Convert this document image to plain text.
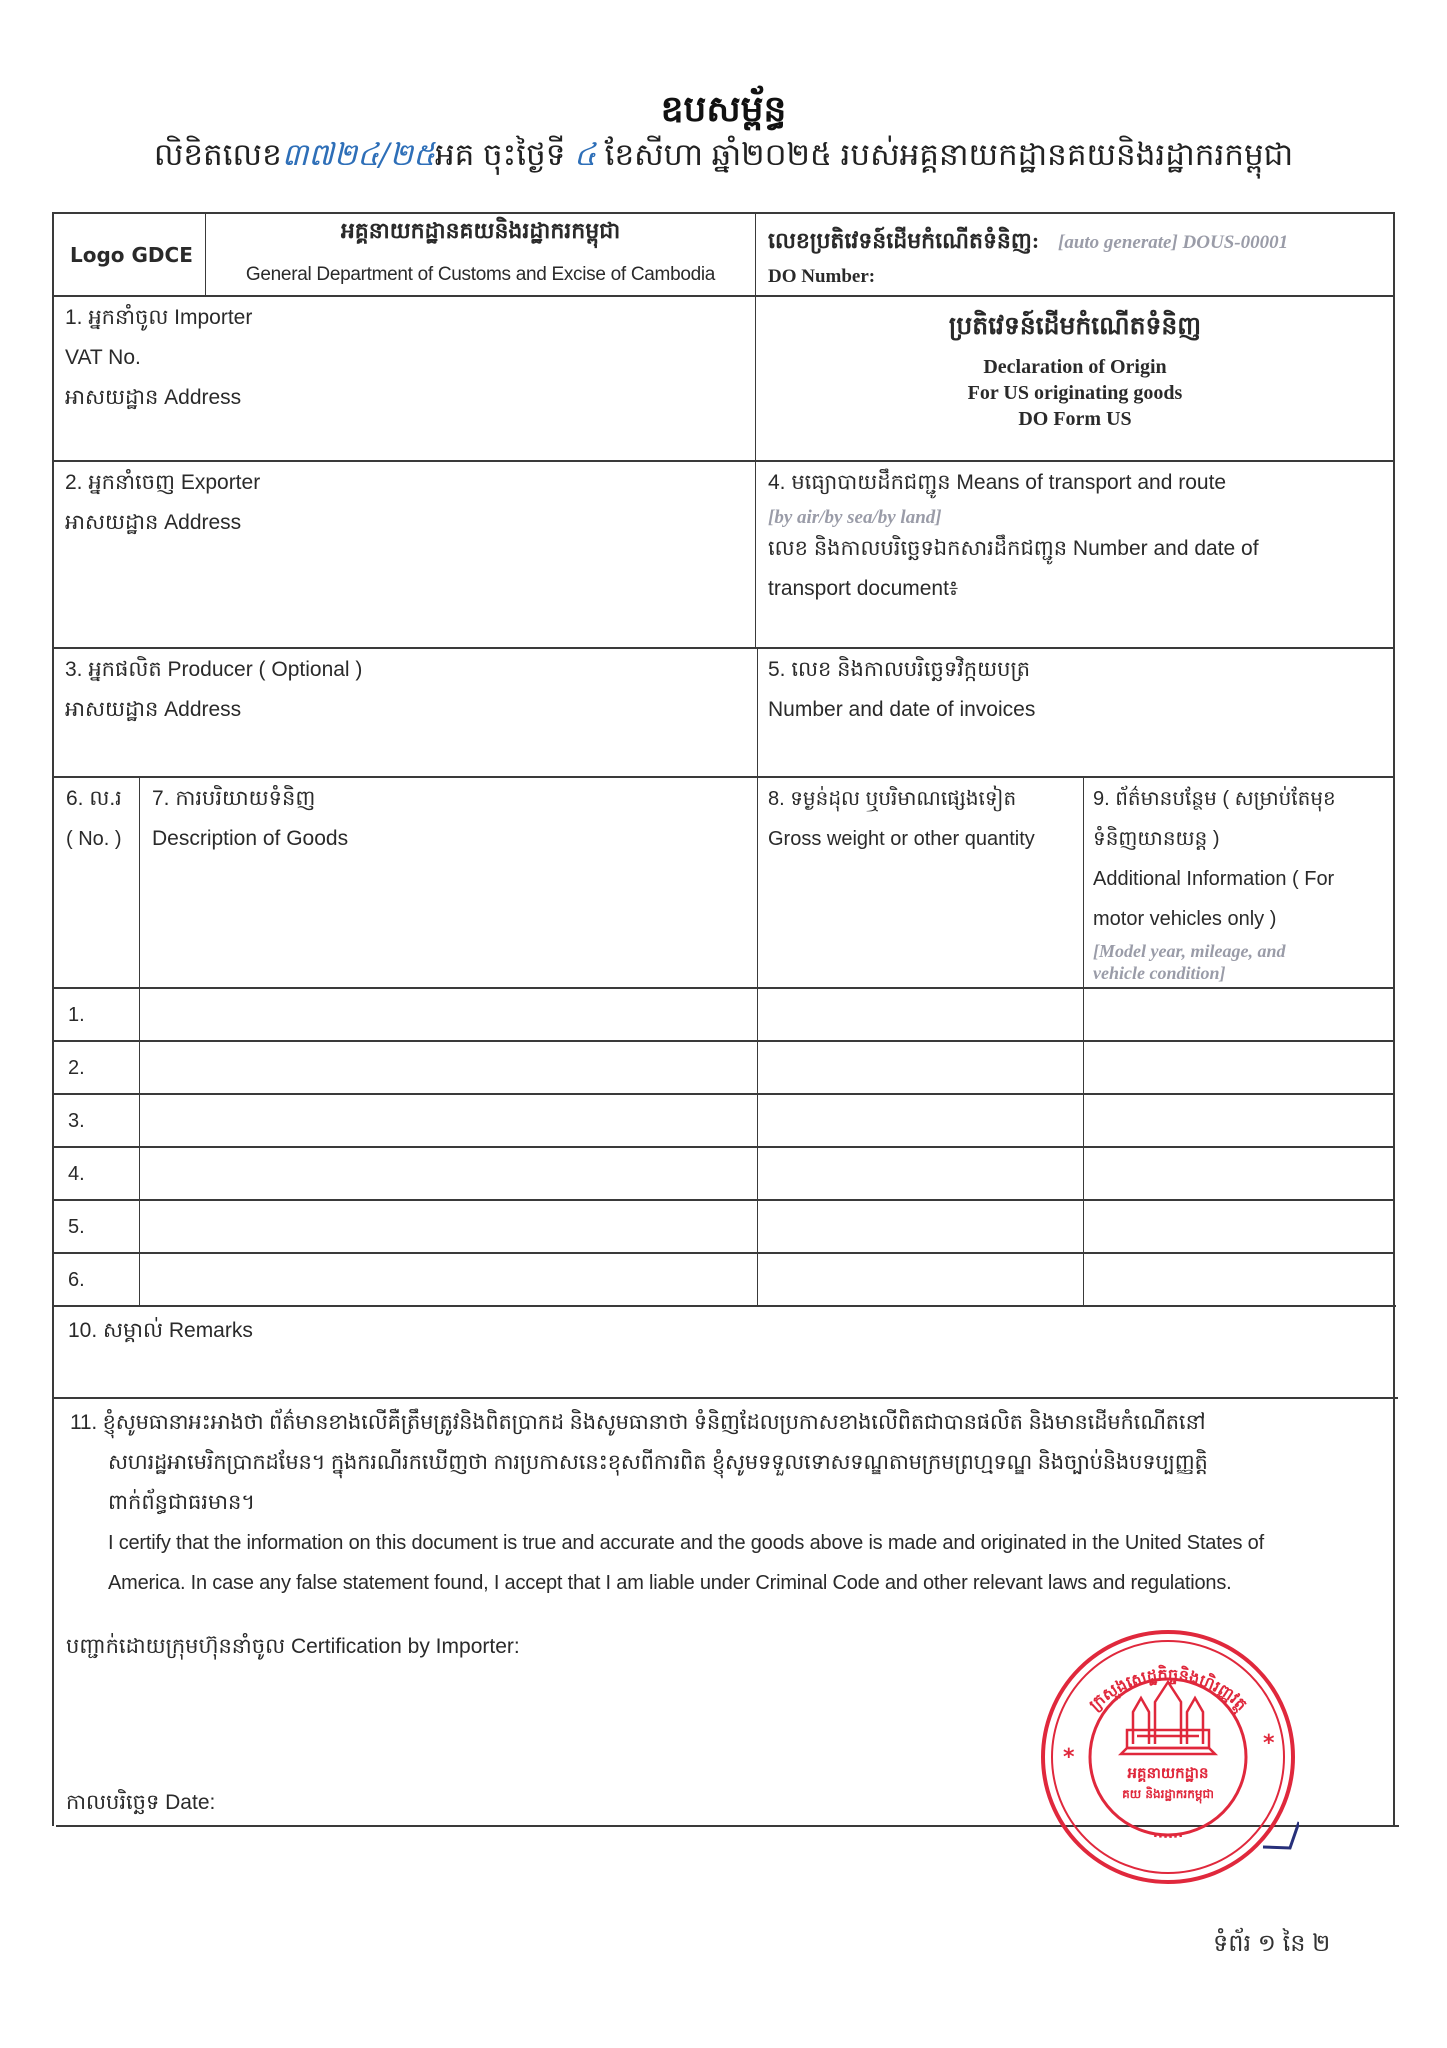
ឧបសម្ព័ន្ធ
លិខិតលេខ៣៧២៤/២៥អគ ចុះថ្ងៃទី ៤ ខែសីហា ឆ្នាំ២០២៥ របស់អគ្គនាយកដ្ឋានគយនិងរដ្ឋាករកម្ពុជា
Logo GDCE
អគ្គនាយកដ្ឋានគយនិងរដ្ឋាករកម្ពុជា
General Department of Customs and Excise of Cambodia
លេខប្រតិវេទន៍ដើមកំណើតទំនិញ: [auto generate] DOUS-00001
DO Number:
1. អ្នកនាំចូល Importer
VAT No.
អាសយដ្ឋាន Address
ប្រតិវេទន៍ដើមកំណើតទំនិញ
Declaration of Origin
For US originating goods
DO Form US
2. អ្នកនាំចេញ Exporter
អាសយដ្ឋាន Address
4. មធ្យោបាយដឹកជញ្ជូន Means of transport and route
[by air/by sea/by land]
លេខ និងកាលបរិច្ឆេទឯកសារដឹកជញ្ជូន Number and date of
transport document៖
3. អ្នកផលិត Producer ( Optional )
អាសយដ្ឋាន Address
5. លេខ និងកាលបរិច្ឆេទវិក្កយបត្រ
Number and date of invoices
6. ល.រ
( No. )
7. ការបរិយាយទំនិញ
Description of Goods
8. ទម្ងន់ដុល ឬបរិមាណផ្សេងទៀត
Gross weight or other quantity
9. ព័ត៌មានបន្ថែម ( សម្រាប់តែមុខ
ទំនិញយានយន្ត )
Additional Information ( For
motor vehicles only )
[Model year, mileage, and
vehicle condition]
1.
2.
3.
4.
5.
6.
10. សម្គាល់ Remarks
11. ខ្ញុំសូមធានាអះអាងថា ព័ត៌មានខាងលើគឺត្រឹមត្រូវនិងពិតប្រាកដ និងសូមធានាថា ទំនិញដែលប្រកាសខាងលើពិតជាបានផលិត និងមានដើមកំណើតនៅ
សហរដ្ឋអាមេរិកប្រាកដមែន។ ក្នុងករណីរកឃើញថា ការប្រកាសនេះខុសពីការពិត ខ្ញុំសូមទទួលទោសទណ្ឌតាមក្រមព្រហ្មទណ្ឌ និងច្បាប់និងបទប្បញ្ញត្តិ
ពាក់ព័ន្ធជាធរមាន។
I certify that the information on this document is true and accurate and the goods above is made and originated in the United States of
America. In case any false statement found, I accept that I am liable under Criminal Code and other relevant laws and regulations.
បញ្ជាក់ដោយក្រុមហ៊ុននាំចូល Certification by Importer:
កាលបរិច្ឆេទ Date:
អគ្គនាយកដ្ឋាន
គយ និងរដ្ឋាករកម្ពុជា
*
*
ក្រសួងសេដ្ឋកិច្ចនិងហិរញ្ញវត្ថុ
······
ទំព័រ ១ នៃ ២
